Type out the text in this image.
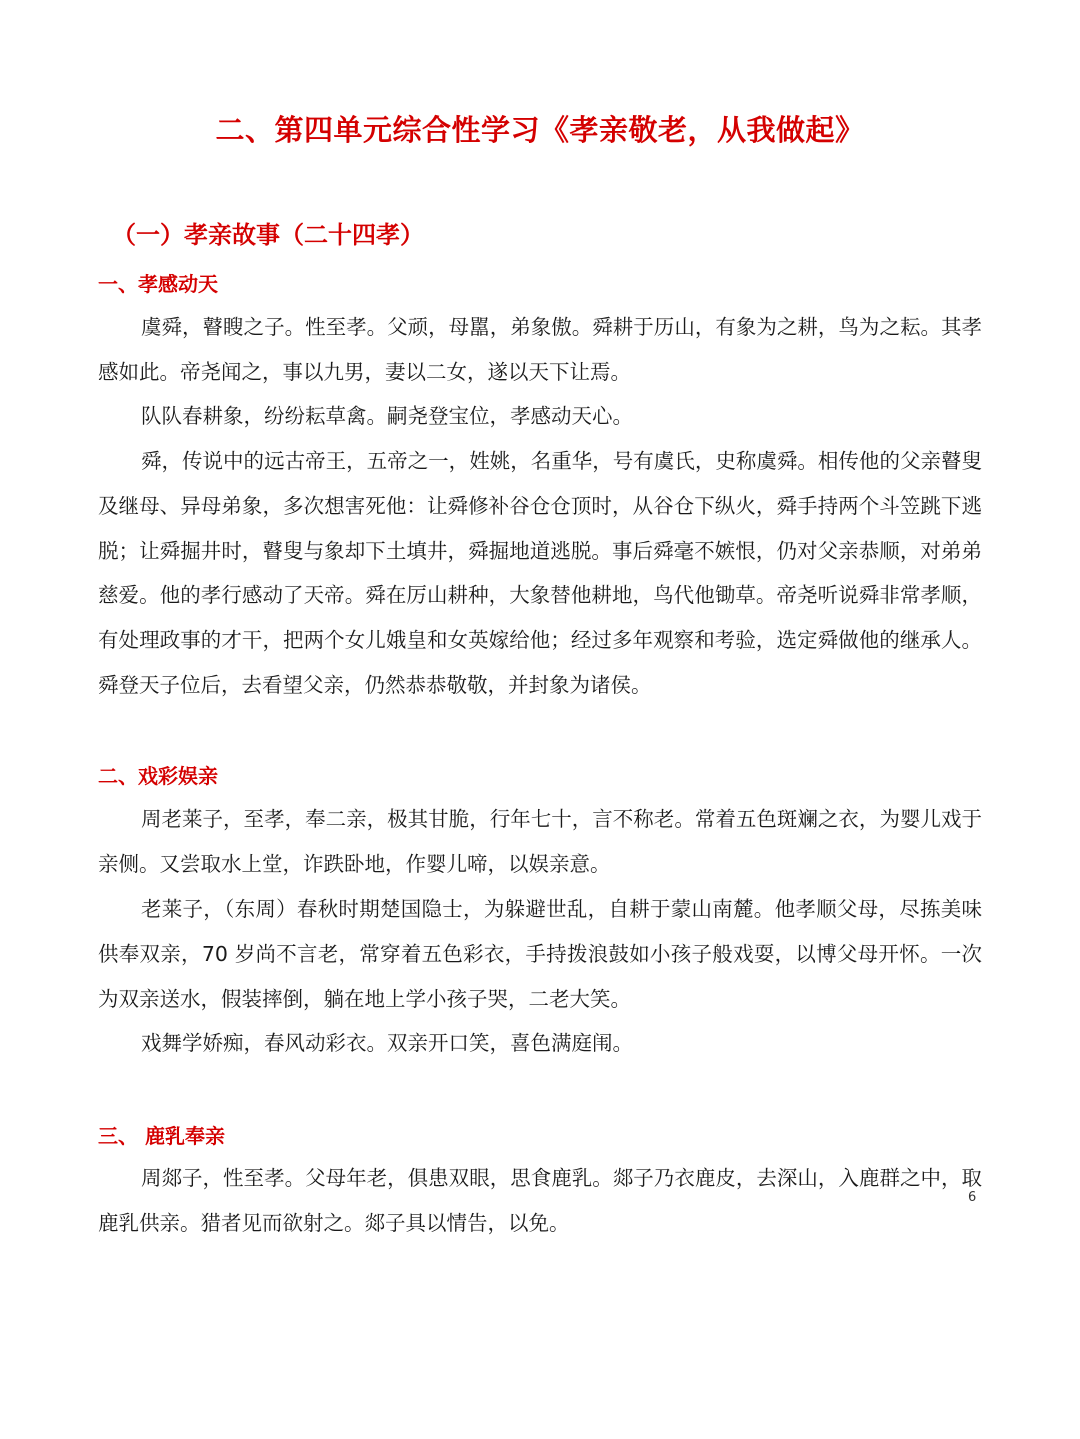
二、第四单元综合性学习《孝亲敬老，从我做起》
（一）孝亲故事（二十四孝）
一、孝感动天

虞舜，瞽瞍之子。性至孝。父顽，母嚚，弟象傲。舜耕于历山，有象为之耕，鸟为之耘。其孝感如此。帝尧闻之，事以九男，妻以二女，遂以天下让焉。

队队春耕象，纷纷耘草禽。嗣尧登宝位，孝感动天心。

舜，传说中的远古帝王，五帝之一，姓姚，名重华，号有虞氏，史称虞舜。相传他的父亲瞽叟及继母、异母弟象，多次想害死他：让舜修补谷仓仓顶时，从谷仓下纵火，舜手持两个斗笠跳下逃脱；让舜掘井时，瞽叟与象却下土填井，舜掘地道逃脱。事后舜毫不嫉恨，仍对父亲恭顺，对弟弟慈爱。他的孝行感动了天帝。舜在厉山耕种，大象替他耕地，鸟代他锄草。帝尧听说舜非常孝顺，有处理政事的才干，把两个女儿娥皇和女英嫁给他；经过多年观察和考验，选定舜做他的继承人。舜登天子位后，去看望父亲，仍然恭恭敬敬，并封象为诸侯。

二、戏彩娱亲

周老莱子，至孝，奉二亲，极其甘脆，行年七十，言不称老。常着五色斑斓之衣，为婴儿戏于亲侧。又尝取水上堂，诈跌卧地，作婴儿啼，以娱亲意。

老莱子，（东周）春秋时期楚国隐士，为躲避世乱，自耕于蒙山南麓。他孝顺父母，尽拣美味供奉双亲，70 岁尚不言老，常穿着五色彩衣，手持拨浪鼓如小孩子般戏耍，以博父母开怀。一次为双亲送水，假装摔倒，躺在地上学小孩子哭，二老大笑。

戏舞学娇痴，春风动彩衣。双亲开口笑，喜色满庭闱。

三、 鹿乳奉亲

周郯子，性至孝。父母年老，俱患双眼，思食鹿乳。郯子乃衣鹿皮，去深山，入鹿群之中，取鹿乳供亲。猎者见而欲射之。郯子具以情告，以免。

6
